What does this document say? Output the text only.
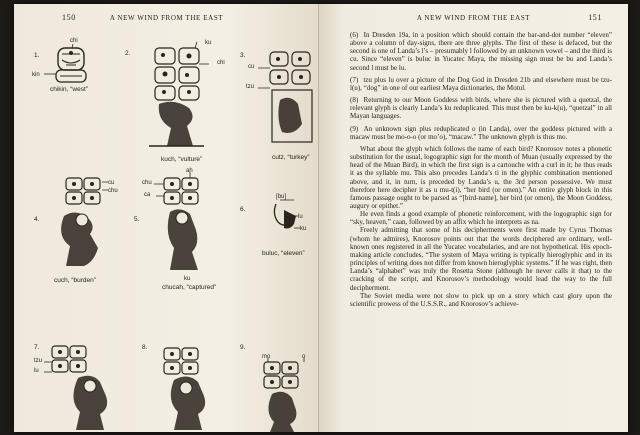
150	A NEW WIND FROM THE EAST
1.
chi
kin
chikin, “west”
2.
ku
chi
kuch, “vulture”
3.
cu
tzu
cutz, “turkey”
4.
cu
chu
cuch, “burden”
5.
chu
ca
ah
ku
chucah, “captured”
6.
[bu]
lu
ku
buluc, “eleven”
7.
tzu
lu
8.	9.
mo	o
A NEW WIND FROM THE EAST	151

(6) In Dresden 19a, in a position which should contain the bar-and-dot number “eleven” above a column of day-signs, there are three glyphs. The first of these is defaced, but the second is one of Landa’s l’s – presumably l followed by an unknown vowel – and the third is cu. Since “eleven” is buluc in Yucatec Maya, the missing sign must be bu and Landa’s second l must be lu.

(7) tzu plus lu over a picture of the Dog God in Dresden 21b and elsewhere must be tzu-l(u), “dog” in one of our earliest Maya dictionaries, the Motul.

(8) Returning to our Moon Goddess with birds, where she is pictured with a quetzal, the relevant glyph is clearly Landa’s ku reduplicated. This must then be ku-k(u), “quetzal” in all Mayan languages.

(9) An unknown sign plus reduplicated o (in Landa), over the goddess pictured with a macaw must be mo-o-o (or mo’o), “macaw.” The unknown glyph is thus mo.

What about the glyph which follows the name of each bird? Knorosov notes a phonetic substitution for the usual, logographic sign for the month of Muan (usually expressed by the head of the Muan Bird), in which the first sign is a cartouche with a curl in it; he thus reads it as the syllable mu. This also precedes Landa’s ti in the glyphic combination mentioned above, and it, in turn, is preceded by Landa’s u, the 3rd person possessive. We must therefore here decipher it as u mu-t(i), “her bird (or omen).” An entire glyph block in this famous passage ought to be parsed as “[bird-name], her bird (or omen), the Moon Goddess, augury or epithet.”

He even finds a good example of phonetic reinforcement, with the logographic sign for “sky, heaven,” caan, followed by an affix which he interprets as na.

Freely admitting that some of his decipherments were first made by Cyrus Thomas (whom he admires), Knorosov points out that the words deciphered are ordinary, well-known ones registered in all the Yucatec vocabularies, and are not hypothetical. His epoch-making article concludes, “The system of Maya writing is typically hieroglyphic and in its principles of writing does not differ from known hieroglyphic systems.” If he was right, then Landa’s “alphabet” was truly the Rosetta Stone (although he never calls it that) to the cracking of the script, and Knorosov’s methodology would lead the way to the full decipherment.

The Soviet media were not slow to pick up on a story which cast glory upon the scientific prowess of the U.S.S.R., and Knorosov’s achieve-
